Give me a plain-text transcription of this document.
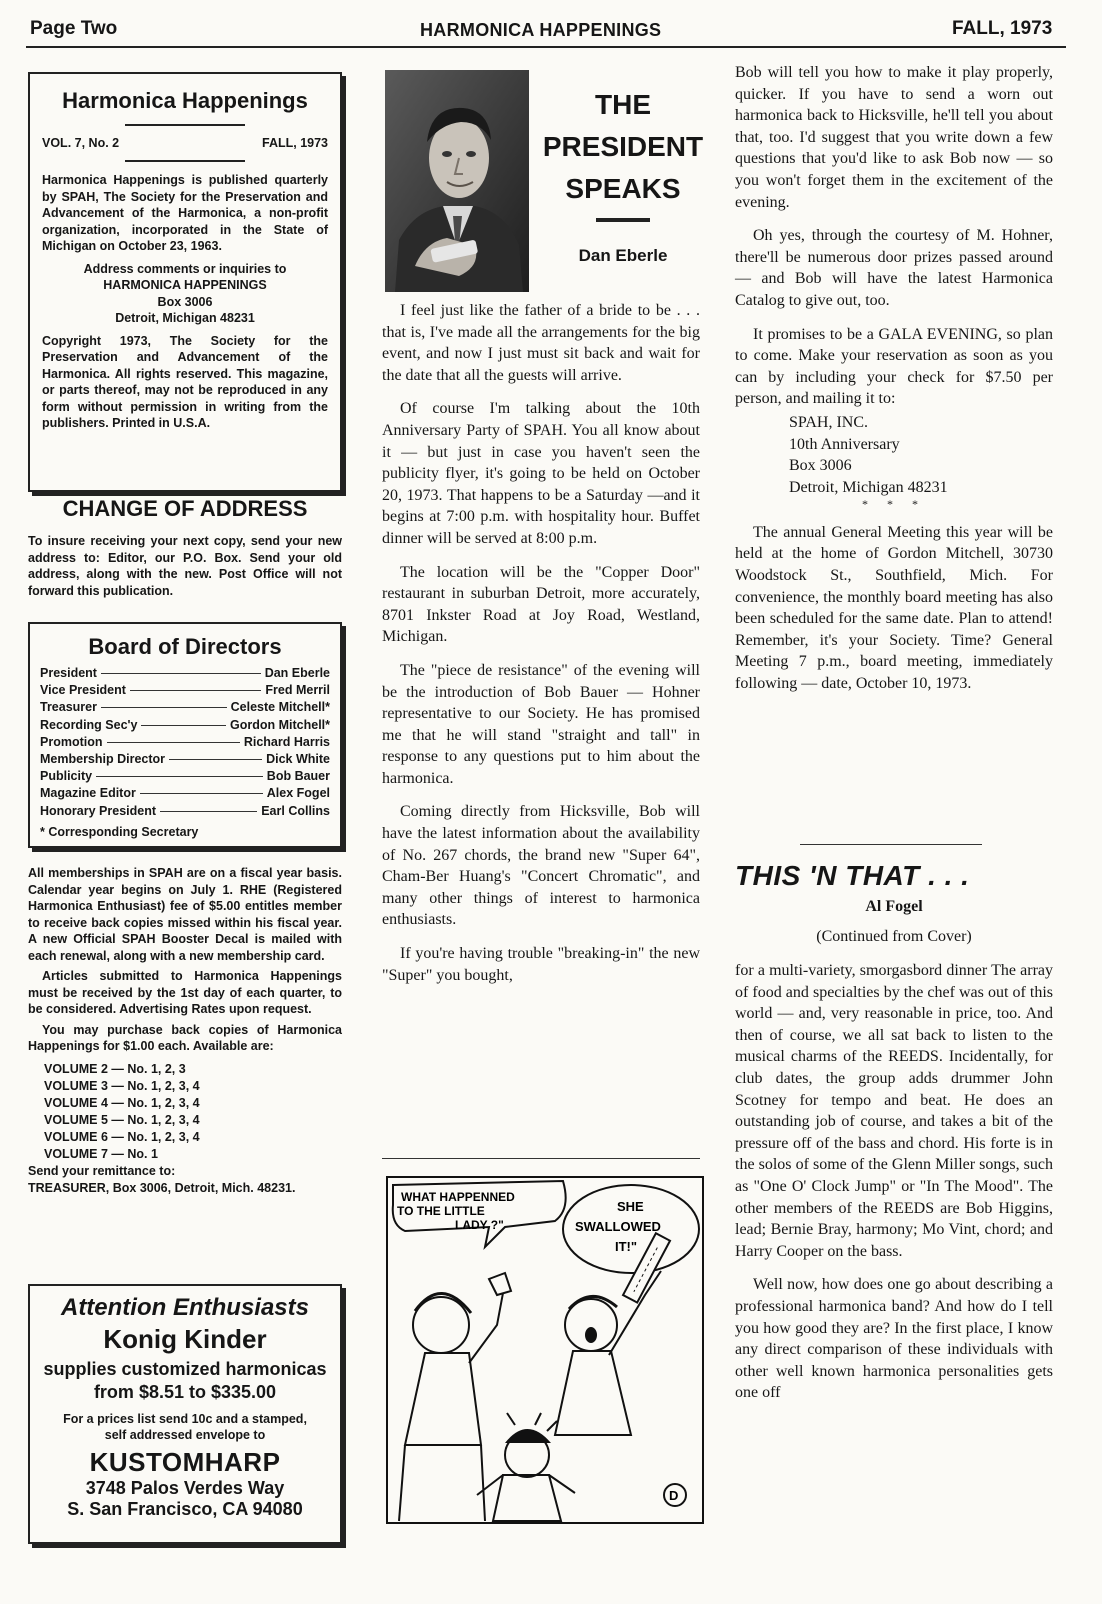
Page Two	HARMONICA HAPPENINGS	FALL, 1973
Harmonica Happenings
VOL. 7, No. 2	FALL, 1973

Harmonica Happenings is published quarterly by SPAH, The Society for the Preservation and Advancement of the Harmonica, a non-profit organization, incorporated in the State of Michigan on October 23, 1963.

Address comments or inquiries to
HARMONICA HAPPENINGS
Box 3006
Detroit, Michigan 48231

Copyright 1973, The Society for the Preservation and Advancement of the Harmonica. All rights reserved. This magazine, or parts thereof, may not be reproduced in any form without permission in writing from the publishers. Printed in U.S.A.

CHANGE OF ADDRESS

To insure receiving your next copy, send your new address to: Editor, our P.O. Box. Send your old address, along with the new. Post Office will not forward this publication.

Board of Directors
President	Dan Eberle
Vice President	Fred Merril
Treasurer	Celeste Mitchell*
Recording Sec'y	Gordon Mitchell*
Promotion	Richard Harris
Membership Director	Dick White
Publicity	Bob Bauer
Magazine Editor	Alex Fogel
Honorary President	Earl Collins
* Corresponding Secretary

All memberships in SPAH are on a fiscal year basis. Calendar year begins on July 1. RHE (Registered Harmonica Enthusiast) fee of $5.00 entitles member to receive back copies missed within his fiscal year. A new Official SPAH Booster Decal is mailed with each renewal, along with a new membership card.

Articles submitted to Harmonica Happenings must be received by the 1st day of each quarter, to be considered. Advertising Rates upon request.

You may purchase back copies of Harmonica Happenings for $1.00 each. Available are:

VOLUME 2 — No. 1, 2, 3
VOLUME 3 — No. 1, 2, 3, 4
VOLUME 4 — No. 1, 2, 3, 4
VOLUME 5 — No. 1, 2, 3, 4
VOLUME 6 — No. 1, 2, 3, 4
VOLUME 7 — No. 1
Send your remittance to:
TREASURER, Box 3006, Detroit, Mich. 48231.
Attention Enthusiasts
Konig Kinder
supplies customized harmonicas
from $8.51 to $335.00
For a prices list send 10c and a stamped, self addressed envelope to
KUSTOMHARP
3748 Palos Verdes Way
S. San Francisco, CA 94080
THE
PRESIDENT
SPEAKS
Dan Eberle

I feel just like the father of a bride to be . . . that is, I've made all the arrangements for the big event, and now I just must sit back and wait for the date that all the guests will arrive.

Of course I'm talking about the 10th Anniversary Party of SPAH. You all know about it — but just in case you haven't seen the publicity flyer, it's going to be held on October 20, 1973. That happens to be a Saturday —and it begins at 7:00 p.m. with hospitality hour. Buffet dinner will be served at 8:00 p.m.

The location will be the "Copper Door" restaurant in suburban Detroit, more accurately, 8701 Inkster Road at Joy Road, Westland, Michigan.

The "piece de resistance" of the evening will be the introduction of Bob Bauer — Hohner representative to our Society. He has promised me that he will stand "straight and tall" in response to any questions put to him about the harmonica.

Coming directly from Hicksville, Bob will have the latest information about the availability of No. 267 chords, the brand new "Super 64", Cham-Ber Huang's "Concert Chromatic", and many other things of interest to harmonica enthusiasts.

If you're having trouble "breaking-in" the new "Super" you bought,

WHAT HAPPENNED
TO THE LITTLE
LADY ?"
SHE
SWALLOWED
IT!"
D

Bob will tell you how to make it play properly, quicker. If you have to send a worn out harmonica back to Hicksville, he'll tell you about that, too. I'd suggest that you write down a few questions that you'd like to ask Bob now — so you won't forget them in the excitement of the evening.

Oh yes, through the courtesy of M. Hohner, there'll be numerous door prizes passed around — and Bob will have the latest Harmonica Catalog to give out, too.

It promises to be a GALA EVENING, so plan to come. Make your reservation as soon as you can by including your check for $7.50 per person, and mailing it to:

SPAH, INC.
10th Anniversary
Box 3006
Detroit, Michigan 48231
* * *

The annual General Meeting this year will be held at the home of Gordon Mitchell, 30730 Woodstock St., Southfield, Mich. For convenience, the monthly board meeting has also been scheduled for the same date. Plan to attend! Remember, it's your Society. Time? General Meeting 7 p.m., board meeting, immediately following — date, October 10, 1973.

THIS 'N THAT . . .
Al Fogel
(Continued from Cover)

for a multi-variety, smorgasbord dinner The array of food and specialties by the chef was out of this world — and, very reasonable in price, too. And then of course, we all sat back to listen to the musical charms of the REEDS. Incidentally, for club dates, the group adds drummer John Scotney for tempo and beat. He does an outstanding job of course, and takes a bit of the pressure off of the bass and chord. His forte is in the solos of some of the Glenn Miller songs, such as "One O' Clock Jump" or "In The Mood". The other members of the REEDS are Bob Higgins, lead; Bernie Bray, harmony; Mo Vint, chord; and Harry Cooper on the bass.

Well now, how does one go about describing a professional harmonica band? And how do I tell you how good they are? In the first place, I know any direct comparison of these individuals with other well known harmonica personalities gets one off
